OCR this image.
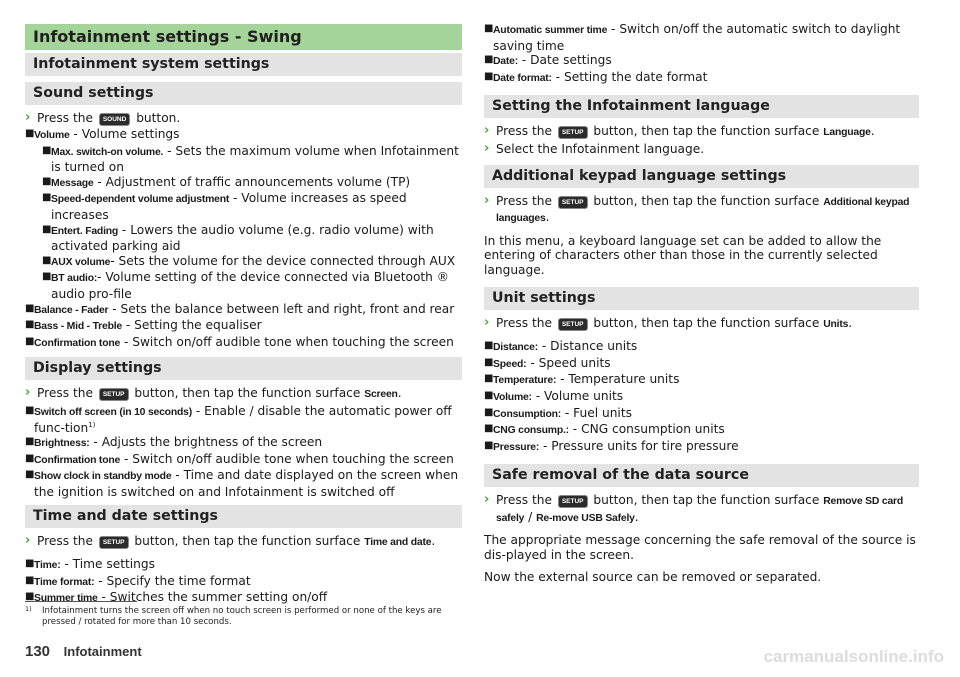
Infotainment settings - Swing
Infotainment system settings
Sound settings

› Press the SOUND button.

■ Volume - Volume settings
■ Max. switch-on volume. - Sets the maximum volume when Infotainment is turned on
■ Message - Adjustment of traffic announcements volume (TP)
■ Speed-dependent volume adjustment - Volume increases as speed increases
■ Entert. Fading - Lowers the audio volume (e.g. radio volume) with activated parking aid
■ AUX volume- Sets the volume for the device connected through AUX
■ BT audio:- Volume setting of the device connected via Bluetooth ® audio pro-file
■ Balance - Fader - Sets the balance between left and right, front and rear
■ Bass - Mid - Treble - Setting the equaliser
■ Confirmation tone - Switch on/off audible tone when touching the screen
Display settings

› Press the SETUP button, then tap the function surface Screen.

■ Switch off screen (in 10 seconds) - Enable / disable the automatic power off func-tion$^{1)}$
■ Brightness: - Adjusts the brightness of the screen
■ Confirmation tone - Switch on/off audible tone when touching the screen
■ Show clock in standby mode - Time and date displayed on the screen when the ignition is switched on and Infotainment is switched off
Time and date settings

› Press the SETUP button, then tap the function surface Time and date.

■ Time: - Time settings
■ Time format: - Specify the time format
■ Summer time - Switches the summer setting on/off
■ Automatic summer time - Switch on/off the automatic switch to daylight saving time
■ Date: - Date settings
■ Date format: - Setting the date format
Setting the Infotainment language

› Press the SETUP button, then tap the function surface Language.

› Select the Infotainment language.

Additional keypad language settings

› Press the SETUP button, then tap the function surface Additional keypad languages.

In this menu, a keyboard language set can be added to allow the entering of characters other than those in the currently selected language.

Unit settings

› Press the SETUP button, then tap the function surface Units.

■ Distance: - Distance units
■ Speed: - Speed units
■ Temperature: - Temperature units
■ Volume: - Volume units
■ Consumption: - Fuel units
■ CNG consump.: - CNG consumption units
■ Pressure: - Pressure units for tire pressure
Safe removal of the data source

› Press the SETUP button, then tap the function surface Remove SD card safely / Re-move USB Safely.

The appropriate message concerning the safe removal of the source is dis-played in the screen.

Now the external source can be removed or separated.

1)	Infotainment turns the screen off when no touch screen is performed or none of the keys are pressed / rotated for more than 10 seconds.
130 Infotainment	carmanualsonline.info
